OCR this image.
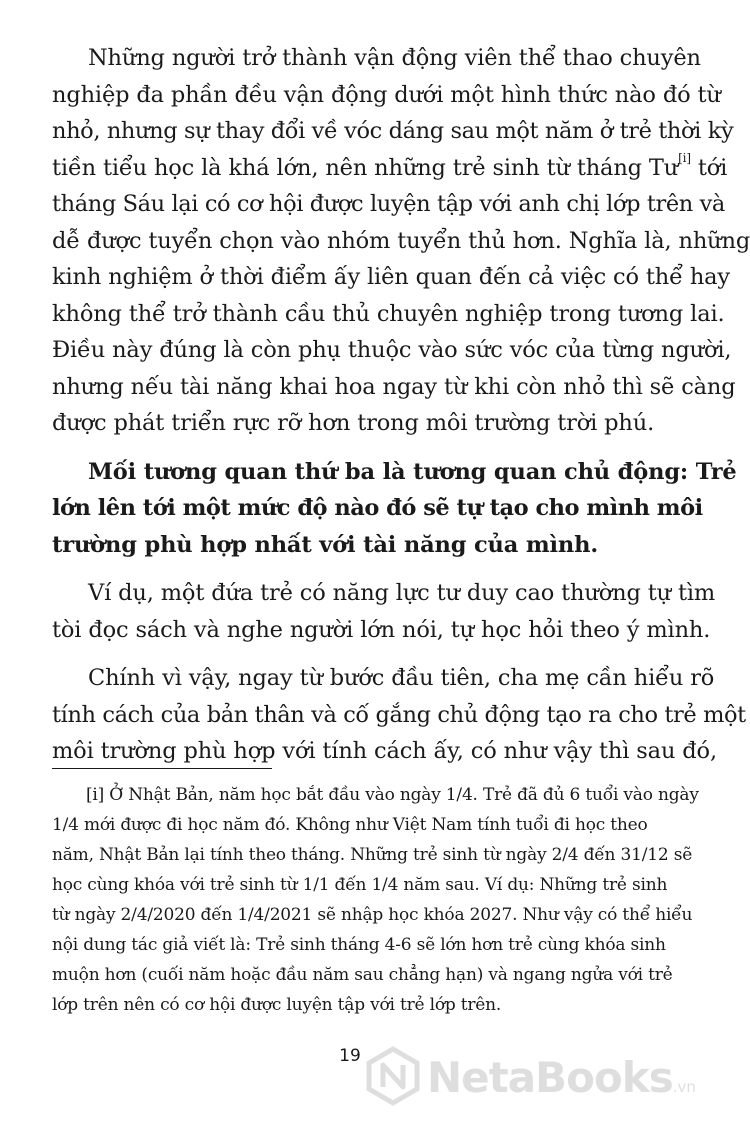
Những người trở thành vận động viên thể thao chuyên
nghiệp đa phần đều vận động dưới một hình thức nào đó từ
nhỏ, nhưng sự thay đổi về vóc dáng sau một năm ở trẻ thời kỳ
tiền tiểu học là khá lớn, nên những trẻ sinh từ tháng Tư[i] tới
tháng Sáu lại có cơ hội được luyện tập với anh chị lớp trên và
dễ được tuyển chọn vào nhóm tuyển thủ hơn. Nghĩa là, những
kinh nghiệm ở thời điểm ấy liên quan đến cả việc có thể hay
không thể trở thành cầu thủ chuyên nghiệp trong tương lai.
Điều này đúng là còn phụ thuộc vào sức vóc của từng người,
nhưng nếu tài năng khai hoa ngay từ khi còn nhỏ thì sẽ càng
được phát triển rực rỡ hơn trong môi trường trời phú.

Mối tương quan thứ ba là tương quan chủ động: Trẻ
lớn lên tới một mức độ nào đó sẽ tự tạo cho mình môi
trường phù hợp nhất với tài năng của mình.

Ví dụ, một đứa trẻ có năng lực tư duy cao thường tự tìm
tòi đọc sách và nghe người lớn nói, tự học hỏi theo ý mình.

Chính vì vậy, ngay từ bước đầu tiên, cha mẹ cần hiểu rõ
tính cách của bản thân và cố gắng chủ động tạo ra cho trẻ một
môi trường phù hợp với tính cách ấy, có như vậy thì sau đó,

[i] Ở Nhật Bản, năm học bắt đầu vào ngày 1/4. Trẻ đã đủ 6 tuổi vào ngày
1/4 mới được đi học năm đó. Không như Việt Nam tính tuổi đi học theo
năm, Nhật Bản lại tính theo tháng. Những trẻ sinh từ ngày 2/4 đến 31/12 sẽ
học cùng khóa với trẻ sinh từ 1/1 đến 1/4 năm sau. Ví dụ: Những trẻ sinh
từ ngày 2/4/2020 đến 1/4/2021 sẽ nhập học khóa 2027. Như vậy có thể hiểu
nội dung tác giả viết là: Trẻ sinh tháng 4-6 sẽ lớn hơn trẻ cùng khóa sinh
muộn hơn (cuối năm hoặc đầu năm sau chẳng hạn) và ngang ngửa với trẻ
lớp trên nên có cơ hội được luyện tập với trẻ lớp trên.
19	NetaBooks.vn
